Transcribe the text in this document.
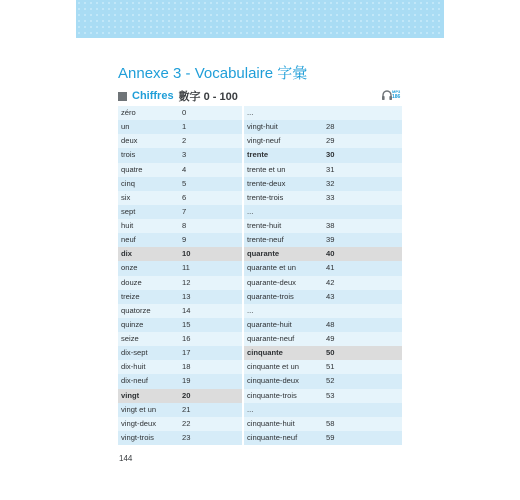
Annexe 3 - Vocabulaire 字彙
Chiffres 數字 0 - 100	MP3
186
zéro	0	...
un	1	vingt-huit	28
deux	2	vingt-neuf	29
trois	3	trente	30
quatre	4	trente et un	31
cinq	5	trente-deux	32
six	6	trente-trois	33
sept	7	...
huit	8	trente-huit	38
neuf	9	trente-neuf	39
dix	10	quarante	40
onze	11	quarante et un	41
douze	12	quarante-deux	42
treize	13	quarante-trois	43
quatorze	14	...
quinze	15	quarante-huit	48
seize	16	quarante-neuf	49
dix-sept	17	cinquante	50
dix-huit	18	cinquante et un	51
dix-neuf	19	cinquante-deux	52
vingt	20	cinquante-trois	53
vingt et un	21	...
vingt-deux	22	cinquante-huit	58
vingt-trois	23	cinquante-neuf	59
144
